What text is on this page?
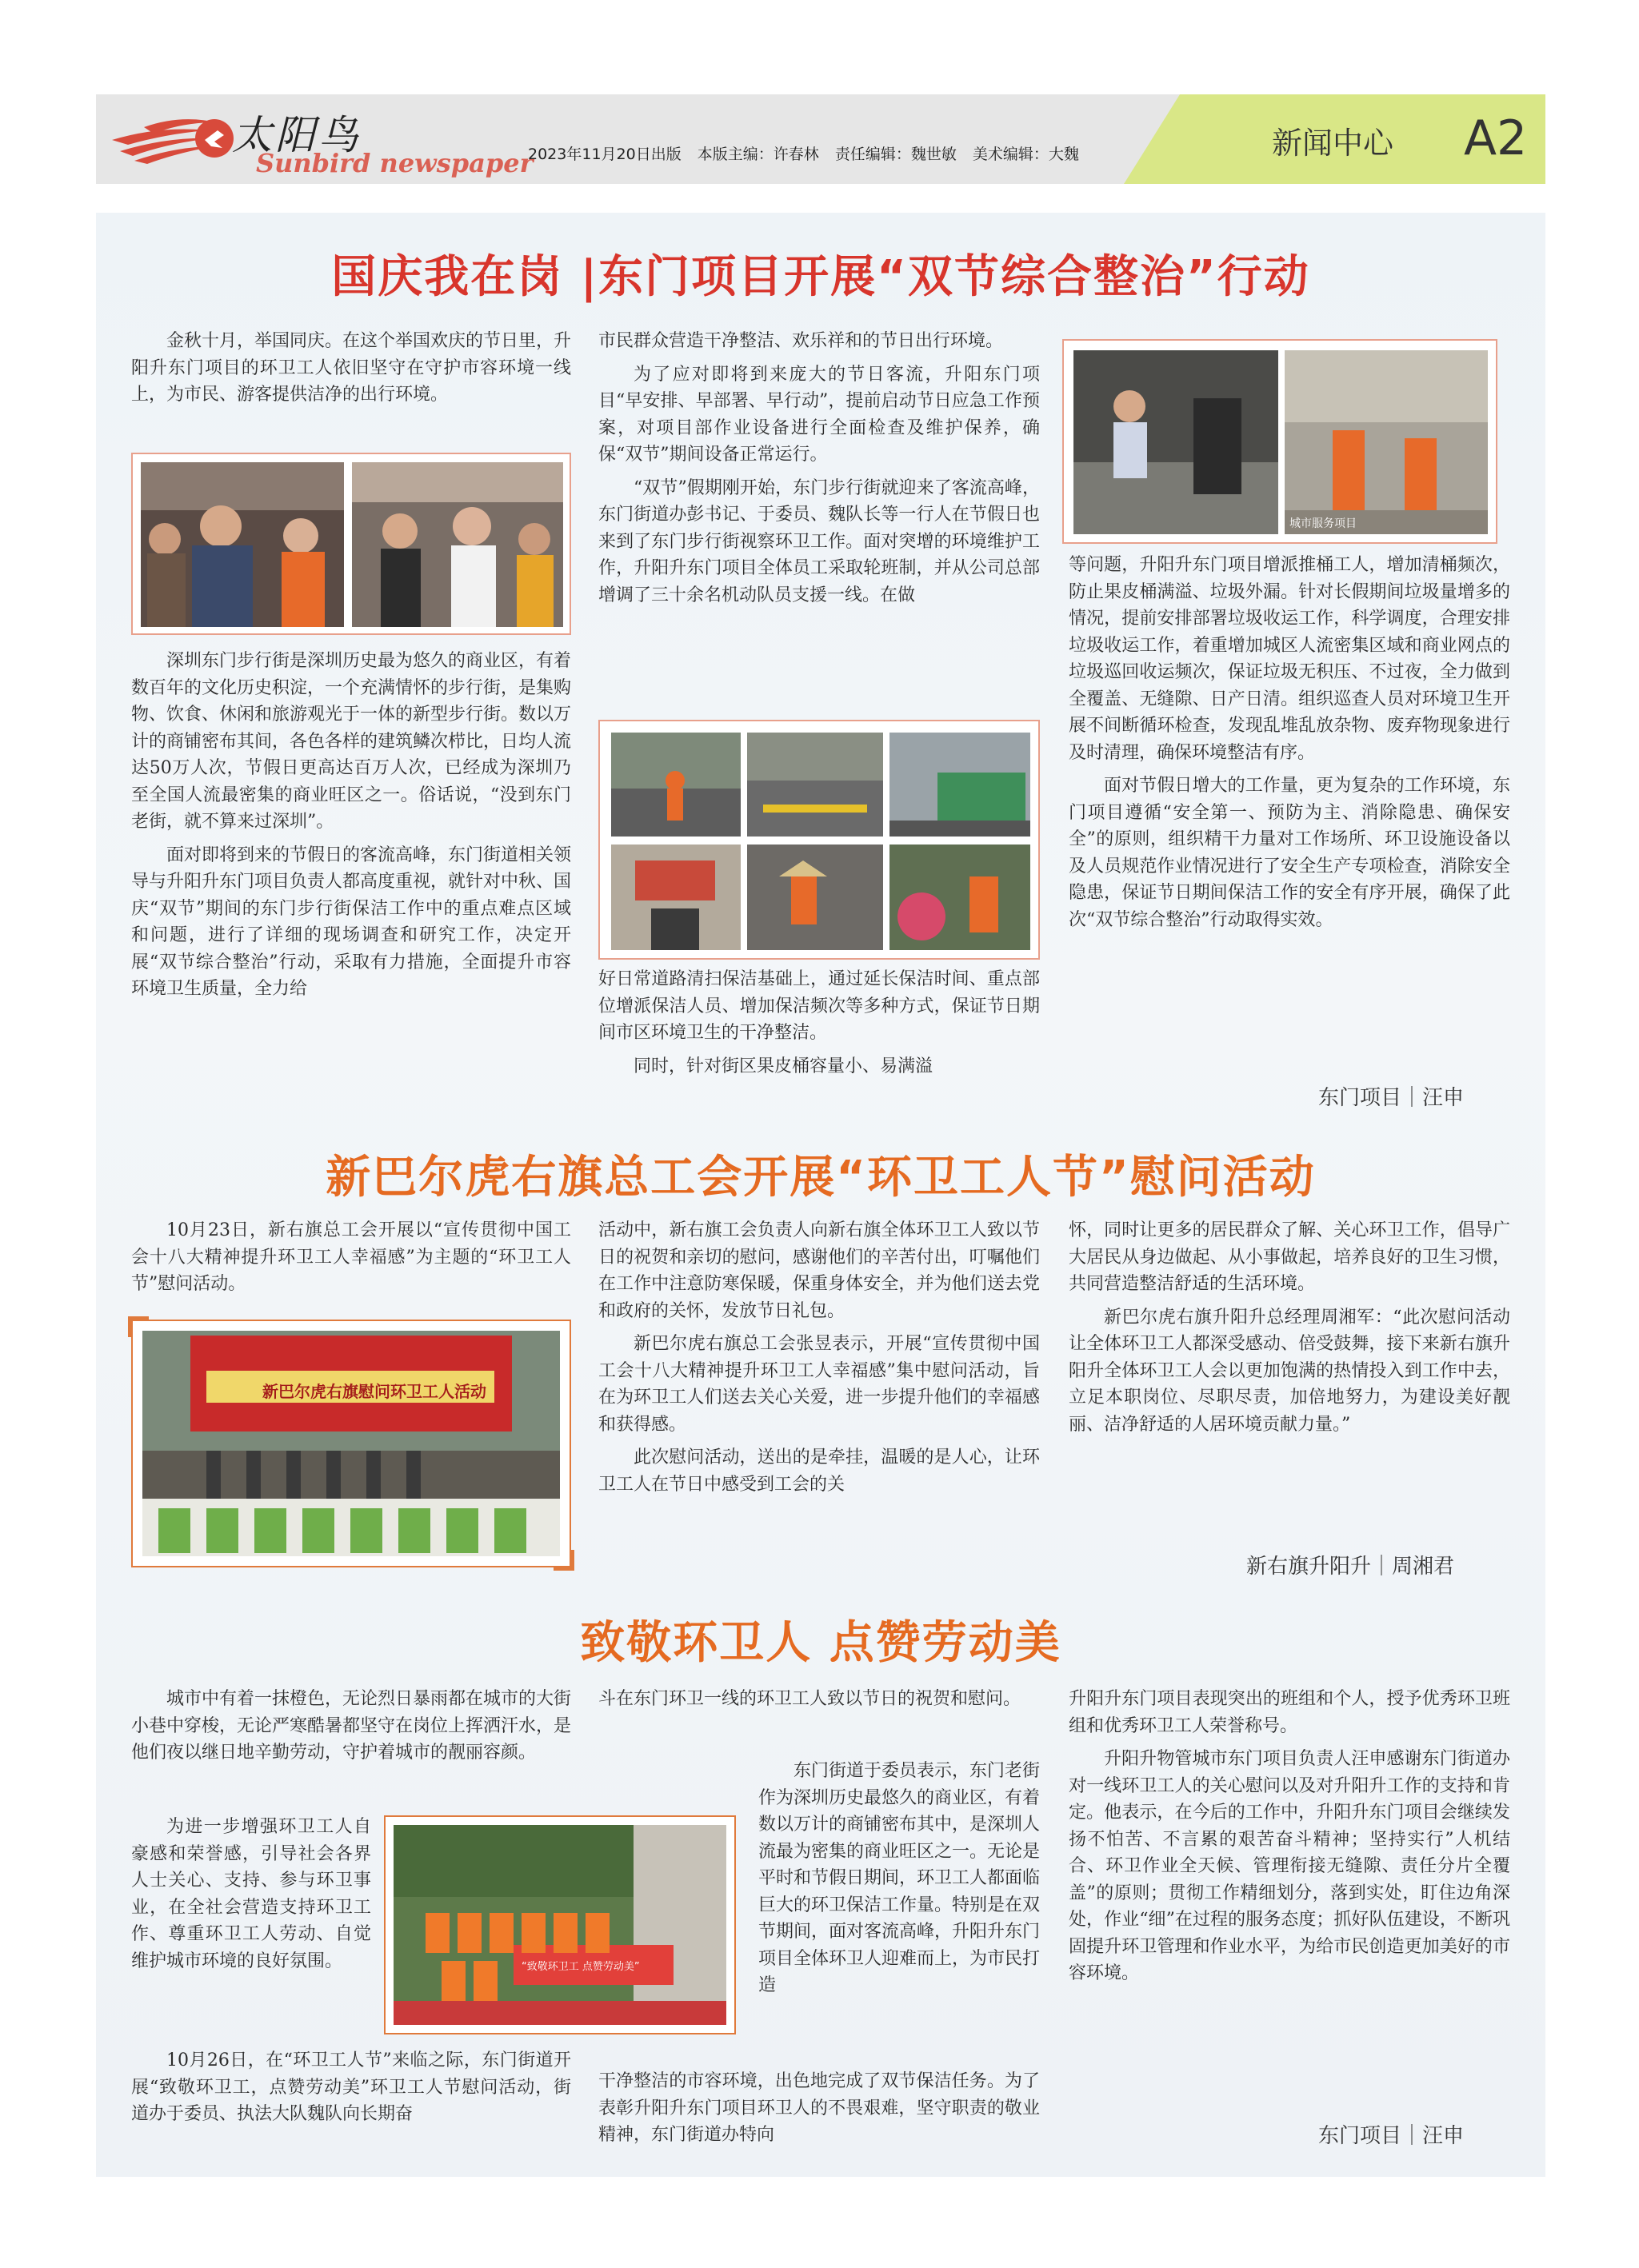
太阳鸟
Sunbird newspaper
2023年11月20日出版 本版主编：许春林 责任编辑：魏世敏 美术编辑：大魏	新闻中心 A2
国庆我在岗 |东门项目开展“双节综合整治”行动

金秋十月，举国同庆。在这个举国欢庆的节日里，升阳升东门项目的环卫工人依旧坚守在守护市容环境一线上，为市民、游客提供洁净的出行环境。

深圳东门步行街是深圳历史最为悠久的商业区，有着数百年的文化历史积淀，一个充满情怀的步行街，是集购物、饮食、休闲和旅游观光于一体的新型步行街。数以万计的商铺密布其间，各色各样的建筑鳞次栉比，日均人流达50万人次，节假日更高达百万人次，已经成为深圳乃至全国人流最密集的商业旺区之一。俗话说，“没到东门老街，就不算来过深圳”。

面对即将到来的节假日的客流高峰，东门街道相关领导与升阳升东门项目负责人都高度重视，就针对中秋、国庆“双节”期间的东门步行街保洁工作中的重点难点区域和问题，进行了详细的现场调查和研究工作，决定开展“双节综合整治”行动，采取有力措施，全面提升市容环境卫生质量，全力给

市民群众营造干净整洁、欢乐祥和的节日出行环境。

为了应对即将到来庞大的节日客流，升阳东门项目“早安排、早部署、早行动”，提前启动节日应急工作预案，对项目部作业设备进行全面检查及维护保养，确保“双节”期间设备正常运行。

“双节”假期刚开始，东门步行街就迎来了客流高峰，东门街道办彭书记、于委员、魏队长等一行人在节假日也来到了东门步行街视察环卫工作。面对突增的环境维护工作，升阳升东门项目全体员工采取轮班制，并从公司总部增调了三十余名机动队员支援一线。在做

好日常道路清扫保洁基础上，通过延长保洁时间、重点部位增派保洁人员、增加保洁频次等多种方式，保证节日期间市区环境卫生的干净整洁。

同时，针对街区果皮桶容量小、易满溢

城市服务项目

等问题，升阳升东门项目增派推桶工人，增加清桶频次，防止果皮桶满溢、垃圾外漏。针对长假期间垃圾量增多的情况，提前安排部署垃圾收运工作，科学调度，合理安排垃圾收运工作，着重增加城区人流密集区域和商业网点的垃圾巡回收运频次，保证垃圾无积压、不过夜，全力做到全覆盖、无缝隙、日产日清。组织巡查人员对环境卫生开展不间断循环检查，发现乱堆乱放杂物、废弃物现象进行及时清理，确保环境整洁有序。

面对节假日增大的工作量，更为复杂的工作环境，东门项目遵循“安全第一、预防为主、消除隐患、确保安全”的原则，组织精干力量对工作场所、环卫设施设备以及人员规范作业情况进行了安全生产专项检查，消除安全隐患，保证节日期间保洁工作的安全有序开展，确保了此次“双节综合整治”行动取得实效。

东门项目｜汪申
新巴尔虎右旗总工会开展“环卫工人节”慰问活动

10月23日，新右旗总工会开展以“宣传贯彻中国工会十八大精神提升环卫工人幸福感”为主题的“环卫工人节”慰问活动。

新巴尔虎右旗慰问环卫工人活动

活动中，新右旗工会负责人向新右旗全体环卫工人致以节日的祝贺和亲切的慰问，感谢他们的辛苦付出，叮嘱他们在工作中注意防寒保暖，保重身体安全，并为他们送去党和政府的关怀，发放节日礼包。

新巴尔虎右旗总工会张昱表示，开展“宣传贯彻中国工会十八大精神提升环卫工人幸福感”集中慰问活动，旨在为环卫工人们送去关心关爱，进一步提升他们的幸福感和获得感。

此次慰问活动，送出的是牵挂，温暖的是人心，让环卫工人在节日中感受到工会的关

怀，同时让更多的居民群众了解、关心环卫工作，倡导广大居民从身边做起、从小事做起，培养良好的卫生习惯，共同营造整洁舒适的生活环境。

新巴尔虎右旗升阳升总经理周湘军：“此次慰问活动让全体环卫工人都深受感动、倍受鼓舞，接下来新右旗升阳升全体环卫工人会以更加饱满的热情投入到工作中去，立足本职岗位、尽职尽责，加倍地努力，为建设美好靓丽、洁净舒适的人居环境贡献力量。”

新右旗升阳升｜周湘君
致敬环卫人 点赞劳动美

城市中有着一抹橙色，无论烈日暴雨都在城市的大街小巷中穿梭，无论严寒酷暑都坚守在岗位上挥洒汗水，是他们夜以继日地辛勤劳动，守护着城市的靓丽容颜。

为进一步增强环卫工人自豪感和荣誉感，引导社会各界人士关心、支持、参与环卫事业，在全社会营造支持环卫工作、尊重环卫工人劳动、自觉维护城市环境的良好氛围。	“致敬环卫工 点赞劳动美”

10月26日，在“环卫工人节”来临之际，东门街道开展“致敬环卫工，点赞劳动美”环卫工人节慰问活动，街道办于委员、执法大队魏队向长期奋

斗在东门环卫一线的环卫工人致以节日的祝贺和慰问。

东门街道于委员表示，东门老街作为深圳历史最悠久的商业区，有着数以万计的商铺密布其中，是深圳人流最为密集的商业旺区之一。无论是平时和节假日期间，环卫工人都面临巨大的环卫保洁工作量。特别是在双节期间，面对客流高峰，升阳升东门项目全体环卫人迎难而上，为市民打造

干净整洁的市容环境，出色地完成了双节保洁任务。为了表彰升阳升东门项目环卫人的不畏艰难，坚守职责的敬业精神，东门街道办特向

升阳升东门项目表现突出的班组和个人，授予优秀环卫班组和优秀环卫工人荣誉称号。

升阳升物管城市东门项目负责人汪申感谢东门街道办对一线环卫工人的关心慰问以及对升阳升工作的支持和肯定。他表示，在今后的工作中，升阳升东门项目会继续发扬不怕苦、不言累的艰苦奋斗精神；坚持实行”人机结合、环卫作业全天候、管理衔接无缝隙、责任分片全覆盖”的原则；贯彻工作精细划分，落到实处，盯住边角深处，作业“细”在过程的服务态度；抓好队伍建设，不断巩固提升环卫管理和作业水平，为给市民创造更加美好的市容环境。

东门项目｜汪申
